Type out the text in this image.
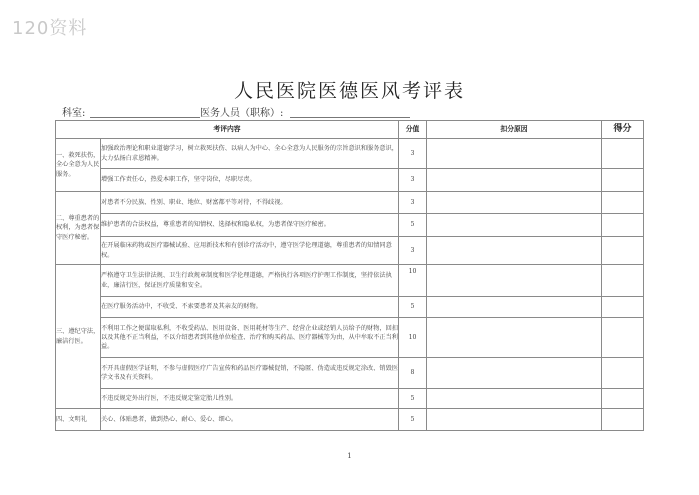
120资料
人民医院医德医风考评表
科室:	医务人员（职称）:
考评内容		分值	扣分原因	得分
一、救死扶伤，全心全意为人民服务。	加强政治理论和职业道德学习，树立救死扶伤、以病人为中心、全心全意为人民服务的宗旨意识和服务意识，大力弘扬白求恩精神。	3		
	增强工作责任心，热爱本职工作，坚守岗位，尽职尽责。	3		
二、尊重患者的权利，为患者保守医疗秘密。	对患者不分民族、性别、职业、地位、财富都平等对待，不得歧视。	3		
	维护患者的合法权益，尊重患者的知情权、选择权和隐私权，为患者保守医疗秘密。	5		
	在开展临床药物或医疗器械试验、应用新技术和有创诊疗活动中，遵守医学伦理道德，尊重患者的知情同意权。	3		
三、遵纪守法，廉洁行医。	严格遵守卫生法律法规、卫生行政规章制度和医学伦理道德，严格执行各项医疗护理工作制度，坚持依法执业，廉洁行医，保证医疗质量和安全。	10		
	在医疗服务活动中，不收受、不索要患者及其亲友的财物。	5		
	不利用工作之便谋取私利，不收受药品、医用设备、医用耗材等生产、经营企业或经销人员给予的财物，回扣以及其他不正当利益，不以介绍患者到其他单位检查、治疗和购买药品、医疗器械等为由，从中牟取不正当利益。	10		
	不开具虚假医学证明，不参与虚假医疗广告宣传和药品医疗器械促销，不隐匿、伪造或违反规定涂改、销毁医学文书及有关资料。	8		
	不违反规定外出行医，不违反规定鉴定胎儿性别。	5		
四、文明礼	关心、体贴患者，做到热心、耐心、爱心、细心。	5		
1
